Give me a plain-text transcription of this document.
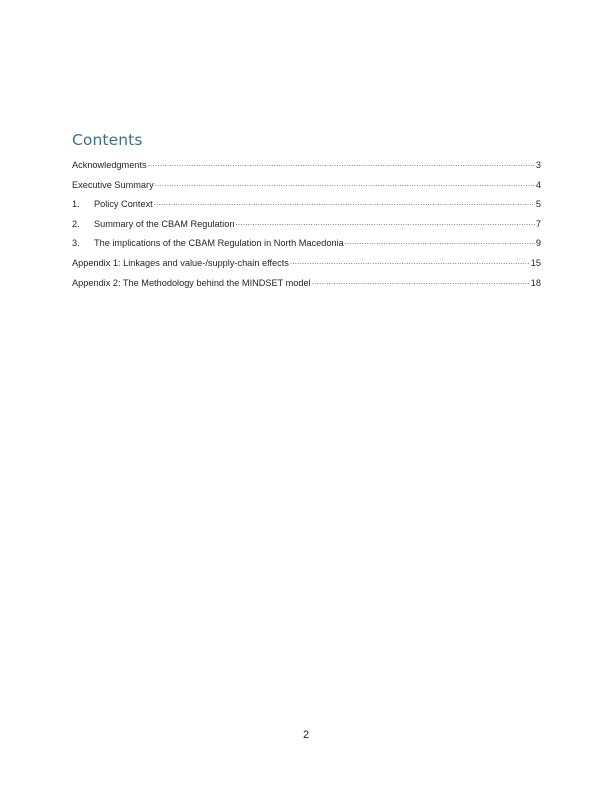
Contents
Acknowledgments .....	3
Executive Summary .....	4
1.	Policy Context .....	5
2.	Summary of the CBAM Regulation .....	7
3.	The implications of the CBAM Regulation in North Macedonia .....	9
Appendix 1: Linkages and value-/supply-chain effects .....	15
Appendix 2: The Methodology behind the MINDSET model .....	18
2
